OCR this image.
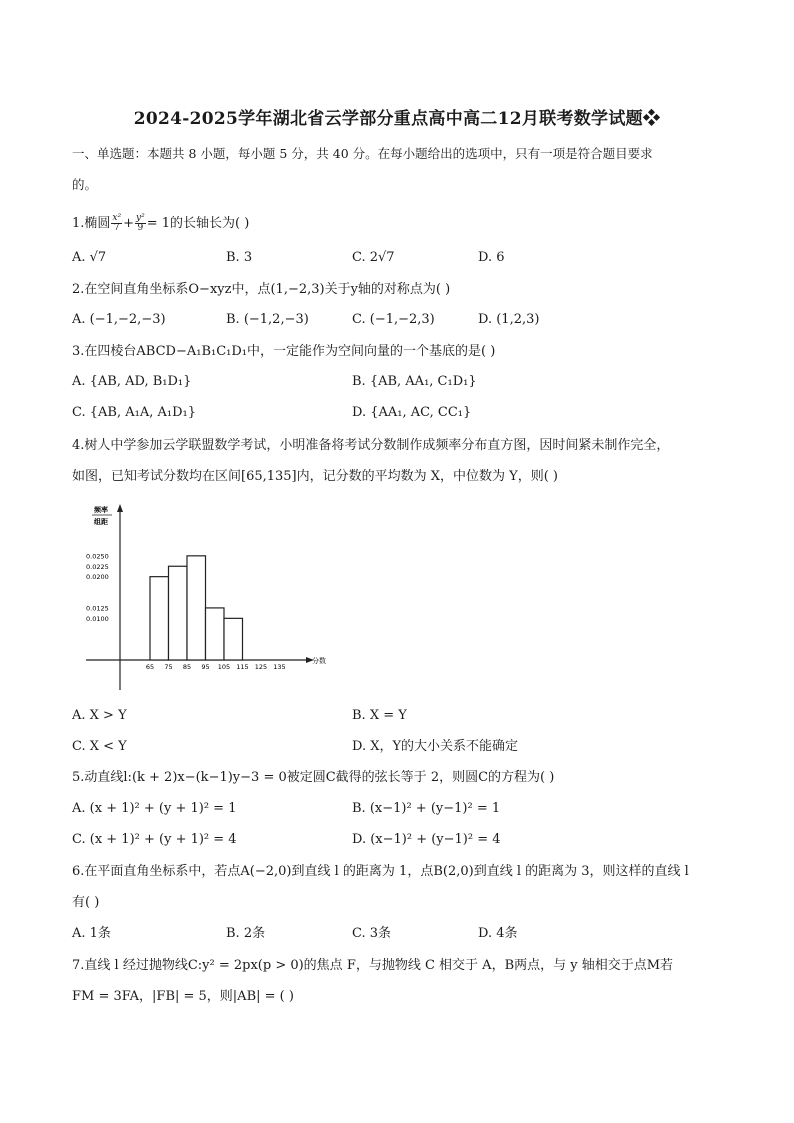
2024-2025学年湖北省云学部分重点高中高二12月联考数学试题❖
一、单选题：本题共 8 小题，每小题 5 分，共 40 分。在每小题给出的选项中，只有一项是符合题目要求
的。
1.椭圆 $\frac{\text{x²}}{7} + \frac{\text{y²}}{9} = 1$的长轴长为( )
A. √7	B. 3	C. 2√7	D. 6
2.在空间直角坐标系O−xyz中，点(1,−2,3)关于y轴的对称点为( )
A. (−1,−2,−3)	B. (−1,2,−3)	C. (−1,−2,3)	D. (1,2,3)
3.在四棱台ABCD−A₁B₁C₁D₁中，一定能作为空间向量的一个基底的是( )
A. {AB, AD, B₁D₁}	B. {AB, AA₁, C₁D₁}
C. {AB, A₁A, A₁D₁}	D. {AA₁, AC, CC₁}
4.树人中学参加云学联盟数学考试，小明准备将考试分数制作成频率分布直方图，因时间紧未制作完全，
如图，已知考试分数均在区间[65,135]内，记分数的平均数为 X，中位数为 Y，则( )
频率
组距
分数
0.0250
0.0225
0.0200
0.0125
0.0100
65 75 85 95 105 115 125 135
A. X > Y	B. X = Y
C. X < Y	D. X，Y的大小关系不能确定
5.动直线l:(k + 2)x−(k−1)y−3 = 0被定圆C截得的弦长等于 2，则圆C的方程为( )
A. (x + 1)² + (y + 1)² = 1	B. (x−1)² + (y−1)² = 1
C. (x + 1)² + (y + 1)² = 4	D. (x−1)² + (y−1)² = 4
6.在平面直角坐标系中，若点A(−2,0)到直线 l 的距离为 1，点B(2,0)到直线 l 的距离为 3，则这样的直线 l
有( )
A. 1条	B. 2条	C. 3条	D. 4条
7.直线 l 经过抛物线C:y² = 2px(p > 0)的焦点 F，与抛物线 C 相交于 A，B两点，与 y 轴相交于点M若
FM = 3FA，|FB| = 5，则|AB| = ( )
